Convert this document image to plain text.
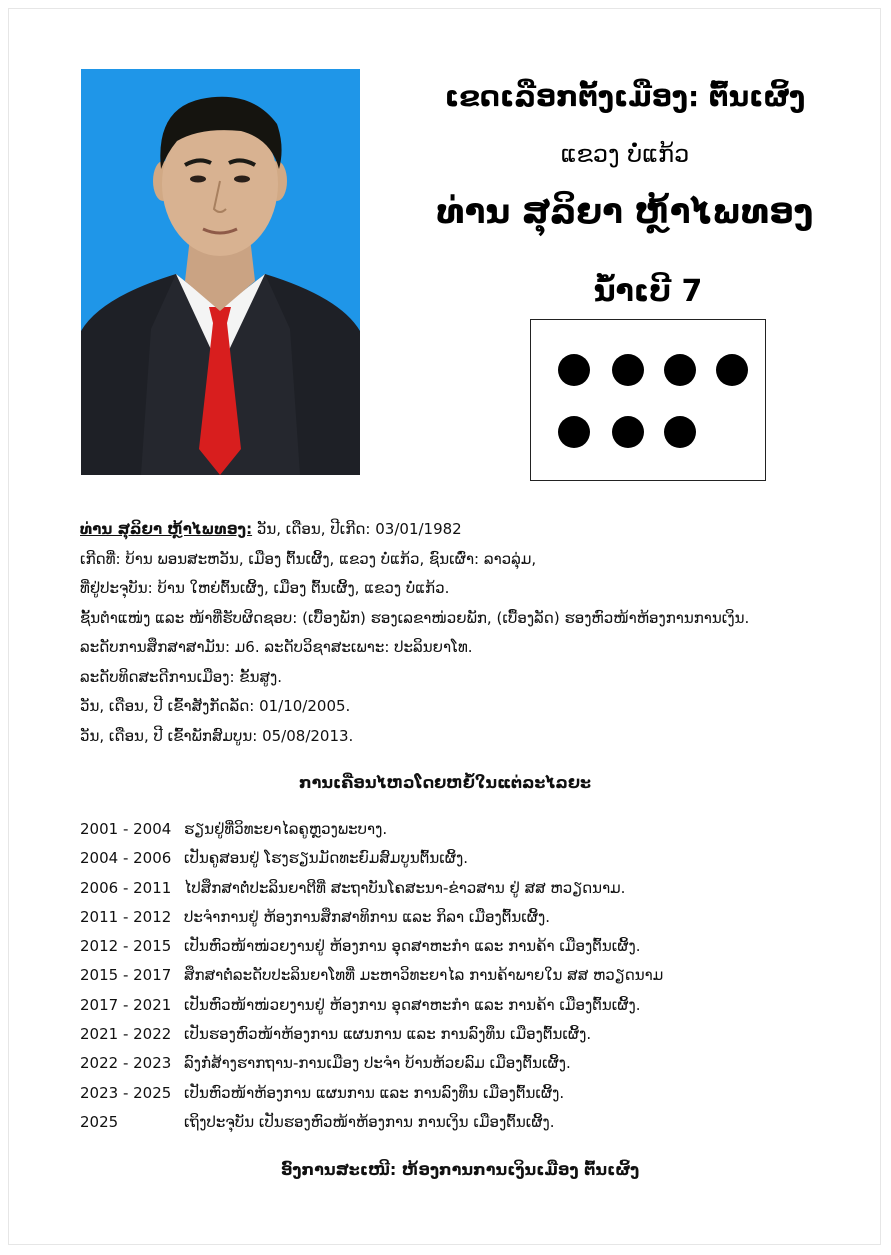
ເຂດເລືອກຕັ້ງເມືອງ: ຕົ້ນເຜິ້ງ
ແຂວງ ບໍ່ແກ້ວ
ທ່ານ ສຸລິຍາ ຫຼ້າໄພທອງ
ນໍ້າເບີ 7
ທ່ານ ສຸລິຍາ ຫຼ້າໄພທອງ: ວັນ, ເດືອນ, ປີເກີດ: 03/01/1982
ເກີດທີ່: ບ້ານ ພອນສະຫວັນ, ເມືອງ ຕົ້ນເຜິ້ງ, ແຂວງ ບໍ່ແກ້ວ, ຊົນເຜົ່າ: ລາວລຸ່ມ,
ທີ່ຢູ່ປະຈຸບັນ: ບ້ານ ໃຫຍ່ຕົ້ນເຜິ້ງ, ເມືອງ ຕົ້ນເຜິ້ງ, ແຂວງ ບໍ່ແກ້ວ.
ຊັ້ນຕໍາແໜ່ງ ແລະ ໜ້າທີ່ຮັບຜິດຊອບ: (ເບື້ອງພັກ) ຮອງເລຂາໜ່ວຍພັກ, (ເບື້ອງລັດ) ຮອງຫົວໜ້າຫ້ອງການການເງິນ.
ລະດັບການສຶກສາສາມັນ: ມ6. ລະດັບວິຊາສະເພາະ: ປະລິນຍາໂທ.
ລະດັບທິດສະດີການເມືອງ: ຂັ້ນສູງ.
ວັນ, ເດືອນ, ປີ ເຂົ້າສັງກັດລັດ: 01/10/2005.
ວັນ, ເດືອນ, ປີ ເຂົ້າພັກສົມບູນ: 05/08/2013.
ການເຄື່ອນໄຫວໂດຍຫຍໍ້ໃນແຕ່ລະໄລຍະ
2001 - 2004 ຮຽນຢູ່ທີ່ວິທະຍາໄລຄູຫຼວງພະບາງ.
2004 - 2006 ເປັນຄູສອນຢູ່ ໂຮງຮຽນມັດທະຍົມສົມບູນຕົ້ນເຜິ້ງ.
2006 - 2011 ໄປສຶກສາຕໍ່ປະລິນຍາຕີທີ່ ສະຖາບັນໂຄສະນາ-ຂ່າວສານ ຢູ່ ສສ ຫວຽດນາມ.
2011 - 2012 ປະຈໍາການຢູ່ ຫ້ອງການສຶກສາທິການ ແລະ ກິລາ ເມືອງຕົ້ນເຜິ້ງ.
2012 - 2015 ເປັນຫົວໜ້າໜ່ວຍງານຢູ່ ຫ້ອງການ ອຸດສາຫະກໍາ ແລະ ການຄ້າ ເມືອງຕົ້ນເຜິ້ງ.
2015 - 2017 ສຶກສາຕໍ່ລະດັບປະລິນຍາໂທທີ່ ມະຫາວິທະຍາໄລ ການຄ້າພາຍໃນ ສສ ຫວຽດນາມ
2017 - 2021 ເປັນຫົວໜ້າໜ່ວຍງານຢູ່ ຫ້ອງການ ອຸດສາຫະກໍາ ແລະ ການຄ້າ ເມືອງຕົ້ນເຜິ້ງ.
2021 - 2022 ເປັນຮອງຫົວໜ້າຫ້ອງການ ແຜນການ ແລະ ການລົງທຶນ ເມືອງຕົ້ນເຜິ້ງ.
2022 - 2023 ລົງກໍ່ສ້າງຮາກຖານ-ການເມືອງ ປະຈໍາ ບ້ານຫ້ວຍລົມ ເມືອງຕົ້ນເຜິ້ງ.
2023 - 2025 ເປັນຫົວໜ້າຫ້ອງການ ແຜນການ ແລະ ການລົງທຶນ ເມືອງຕົ້ນເຜິ້ງ.
2025	ເຖິງປະຈຸບັນ ເປັນຮອງຫົວໜ້າຫ້ອງການ ການເງິນ ເມືອງຕົ້ນເຜິ້ງ.
ອົງການສະເໜີ: ຫ້ອງການການເງິນເມືອງ ຕົ້ນເຜິ້ງ
